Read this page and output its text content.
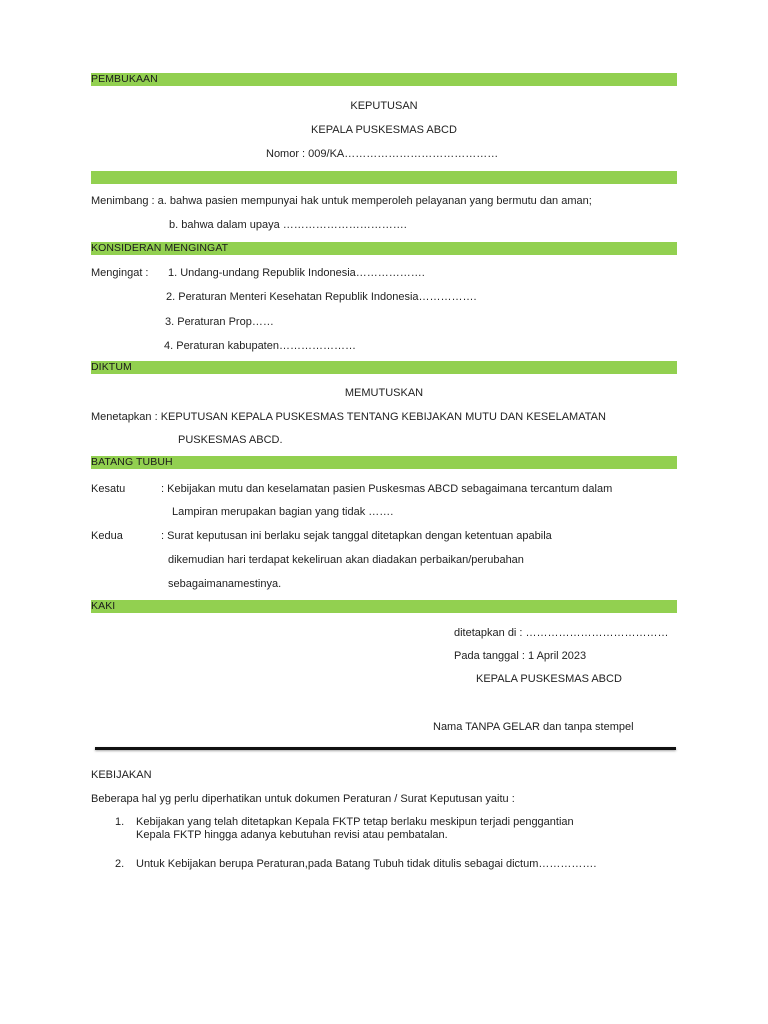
PEMBUKAAN
KONSIDERAN MENGINGAT
DIKTUM
BATANG TUBUH
KAKI
KEPUTUSAN
KEPALA PUSKESMAS ABCD
Nomor : 009/KA……………………………………
Menimbang : a. bahwa pasien mempunyai hak untuk memperoleh pelayanan yang bermutu dan aman;
b. bahwa dalam upaya …………………………….
Mengingat : 1. Undang-undang Republik Indonesia……………….
2. Peraturan Menteri Kesehatan Republik Indonesia…………….
3. Peraturan Prop……
4. Peraturan kabupaten…………………
MEMUTUSKAN
Menetapkan : KEPUTUSAN KEPALA PUSKESMAS TENTANG KEBIJAKAN MUTU DAN KESELAMATAN
PUSKESMAS ABCD.
Kesatu	: Kebijakan mutu dan keselamatan pasien Puskesmas ABCD sebagaimana tercantum dalam
Lampiran merupakan bagian yang tidak …….
Kedua	: Surat keputusan ini berlaku sejak tanggal ditetapkan dengan ketentuan apabila
dikemudian hari terdapat kekeliruan akan diadakan perbaikan/perubahan
sebagaimanamestinya.
ditetapkan di : …………………………………
Pada tanggal : 1 April 2023
KEPALA PUSKESMAS ABCD
Nama TANPA GELAR dan tanpa stempel
KEBIJAKAN
Beberapa hal yg perlu diperhatikan untuk dokumen Peraturan / Surat Keputusan yaitu :
1. Kebijakan yang telah ditetapkan Kepala FKTP tetap berlaku meskipun terjadi penggantian
Kepala FKTP hingga adanya kebutuhan revisi atau pembatalan.
2. Untuk Kebijakan berupa Peraturan,pada Batang Tubuh tidak ditulis sebagai dictum…………….
